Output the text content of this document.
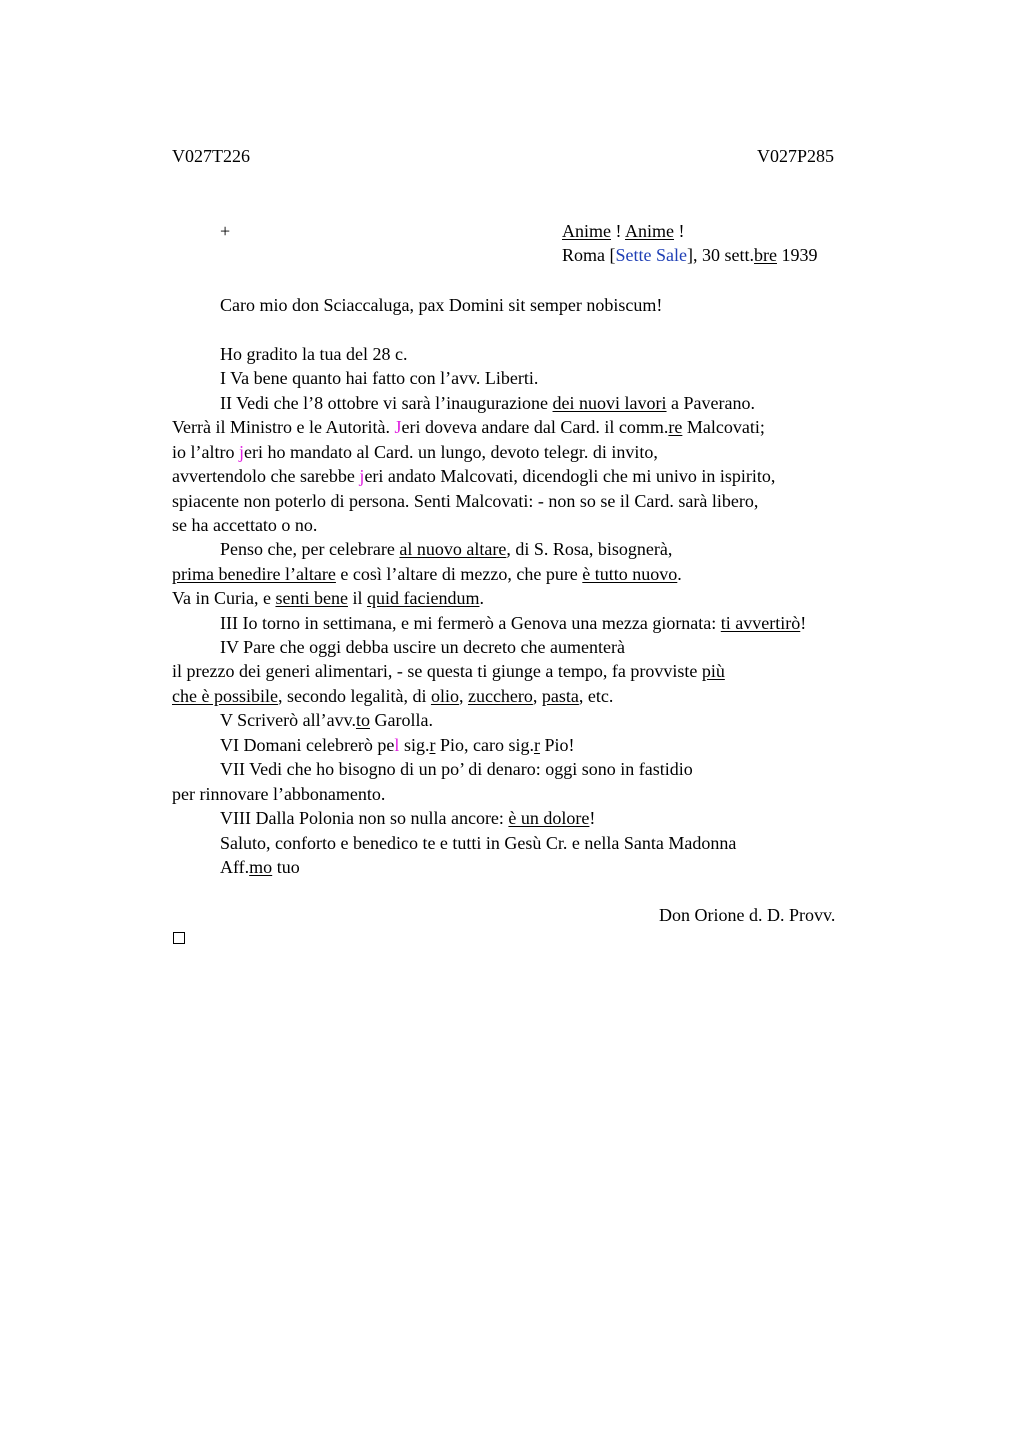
V027T226	V027P285
+	Anime ! Anime !
Roma [Sette Sale], 30 sett.bre 1939
Caro mio don Sciaccaluga, pax Domini sit semper nobiscum!
Ho gradito la tua del 28 c.
I Va bene quanto hai fatto con l’avv. Liberti.
II Vedi che l’8 ottobre vi sarà l’inaugurazione dei nuovi lavori a Paverano.
Verrà il Ministro e le Autorità. Jeri doveva andare dal Card. il comm.re Malcovati;
io l’altro jeri ho mandato al Card. un lungo, devoto telegr. di invito,
avvertendolo che sarebbe jeri andato Malcovati, dicendogli che mi univo in ispirito,
spiacente non poterlo di persona. Senti Malcovati: - non so se il Card. sarà libero,
se ha accettato o no.
Penso che, per celebrare al nuovo altare, di S. Rosa, bisognerà,
prima benedire l’altare e così l’altare di mezzo, che pure è tutto nuovo.
Va in Curia, e senti bene il quid faciendum.
III Io torno in settimana, e mi fermerò a Genova una mezza giornata: ti avvertirò!
IV Pare che oggi debba uscire un decreto che aumenterà
il prezzo dei generi alimentari, - se questa ti giunge a tempo, fa provviste più
che è possibile, secondo legalità, di olio, zucchero, pasta, etc.
V Scriverò all’avv.to Garolla.
VI Domani celebrerò pel sig.r Pio, caro sig.r Pio!
VII Vedi che ho bisogno di un po’ di denaro: oggi sono in fastidio
per rinnovare l’abbonamento.
VIII Dalla Polonia non so nulla ancore: è un dolore!
Saluto, conforto e benedico te e tutti in Gesù Cr. e nella Santa Madonna
Aff.mo tuo
Don Orione d. D. Provv.
